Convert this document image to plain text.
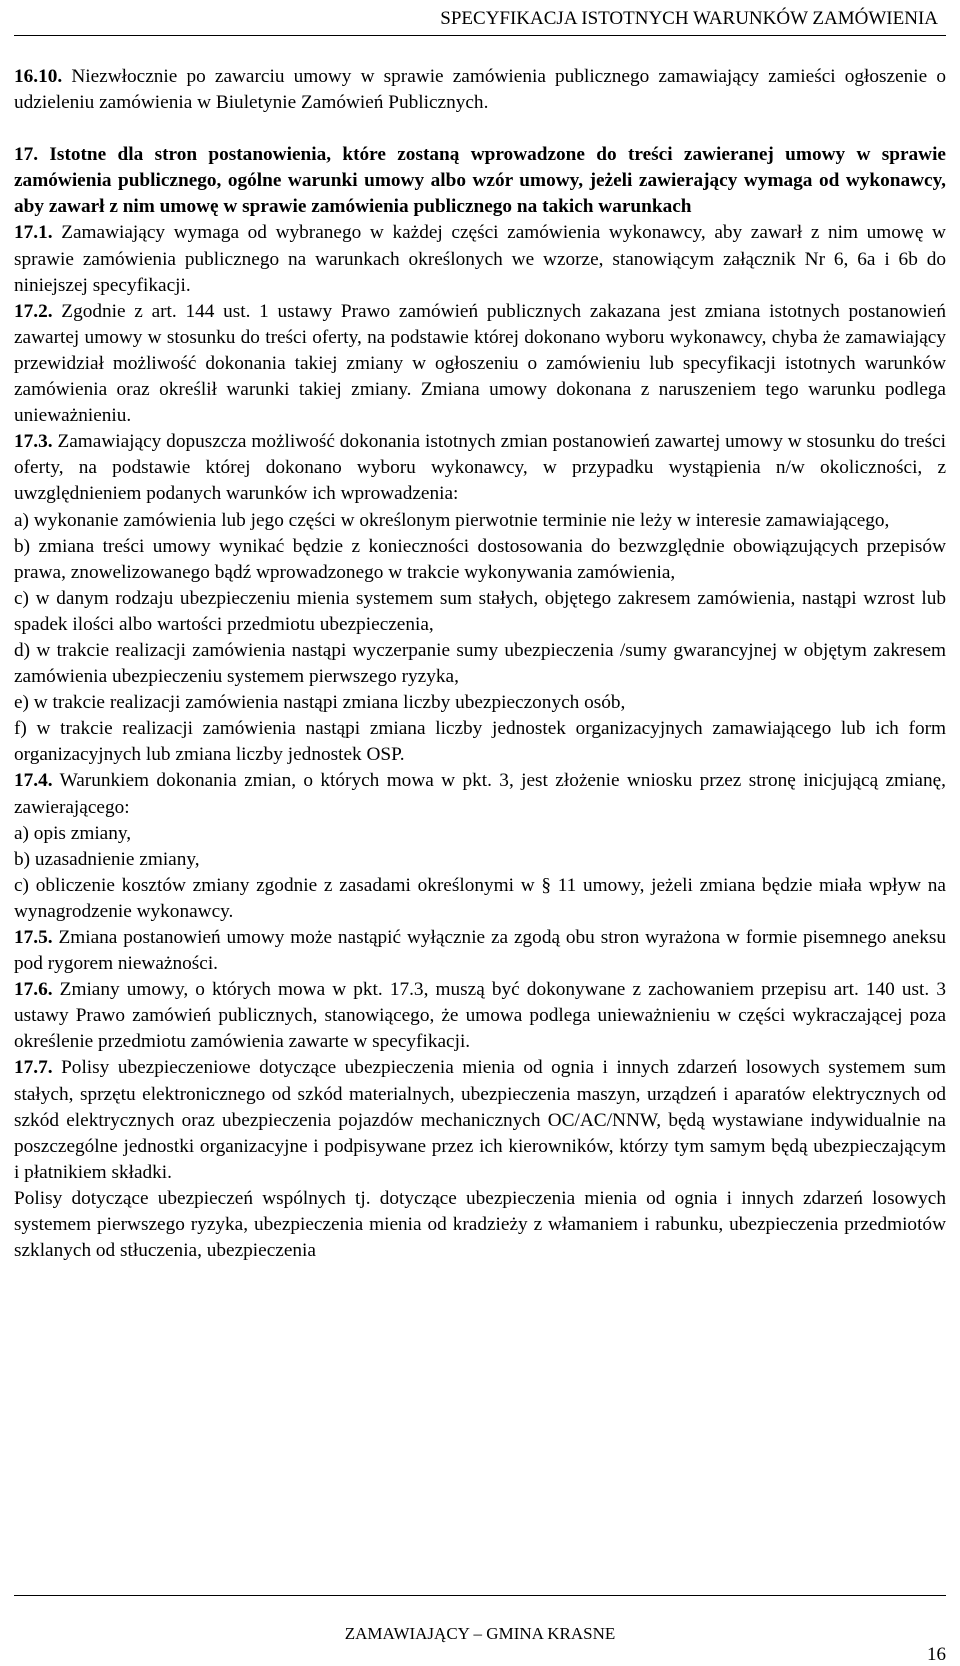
SPECYFIKACJA ISTOTNYCH WARUNKÓW ZAMÓWIENIA

16.10. Niezwłocznie po zawarciu umowy w sprawie zamówienia publicznego zamawiający zamieści ogłoszenie o udzieleniu zamówienia w Biuletynie Zamówień Publicznych.

17. Istotne dla stron postanowienia, które zostaną wprowadzone do treści zawieranej umowy w sprawie zamówienia publicznego, ogólne warunki umowy albo wzór umowy, jeżeli zawierający wymaga od wykonawcy, aby zawarł z nim umowę w sprawie zamówienia publicznego na takich warunkach

17.1. Zamawiający wymaga od wybranego w każdej części zamówienia wykonawcy, aby zawarł z nim umowę w sprawie zamówienia publicznego na warunkach określonych we wzorze, stanowiącym załącznik Nr 6, 6a i 6b do niniejszej specyfikacji.

17.2. Zgodnie z art. 144 ust. 1 ustawy Prawo zamówień publicznych zakazana jest zmiana istotnych postanowień zawartej umowy w stosunku do treści oferty, na podstawie której dokonano wyboru wykonawcy, chyba że zamawiający przewidział możliwość dokonania takiej zmiany w ogłoszeniu o zamówieniu lub specyfikacji istotnych warunków zamówienia oraz określił warunki takiej zmiany. Zmiana umowy dokonana z naruszeniem tego warunku podlega unieważnieniu.

17.3. Zamawiający dopuszcza możliwość dokonania istotnych zmian postanowień zawartej umowy w stosunku do treści oferty, na podstawie której dokonano wyboru wykonawcy, w przypadku wystąpienia n/w okoliczności, z uwzględnieniem podanych warunków ich wprowadzenia:

a) wykonanie zamówienia lub jego części w określonym pierwotnie terminie nie leży w interesie zamawiającego,

b) zmiana treści umowy wynikać będzie z konieczności dostosowania do bezwzględnie obowiązujących przepisów prawa, znowelizowanego bądź wprowadzonego w trakcie wykonywania zamówienia,

c) w danym rodzaju ubezpieczeniu mienia systemem sum stałych, objętego zakresem zamówienia, nastąpi wzrost lub spadek ilości albo wartości przedmiotu ubezpieczenia,

d) w trakcie realizacji zamówienia nastąpi wyczerpanie sumy ubezpieczenia /sumy gwarancyjnej w objętym zakresem zamówienia ubezpieczeniu systemem pierwszego ryzyka,

e) w trakcie realizacji zamówienia nastąpi zmiana liczby ubezpieczonych osób,

f) w trakcie realizacji zamówienia nastąpi zmiana liczby jednostek organizacyjnych zamawiającego lub ich form organizacyjnych lub zmiana liczby jednostek OSP.

17.4. Warunkiem dokonania zmian, o których mowa w pkt. 3, jest złożenie wniosku przez stronę inicjującą zmianę, zawierającego:

a) opis zmiany,

b) uzasadnienie zmiany,

c) obliczenie kosztów zmiany zgodnie z zasadami określonymi w § 11 umowy, jeżeli zmiana będzie miała wpływ na wynagrodzenie wykonawcy.

17.5. Zmiana postanowień umowy może nastąpić wyłącznie za zgodą obu stron wyrażona w formie pisemnego aneksu pod rygorem nieważności.

17.6. Zmiany umowy, o których mowa w pkt. 17.3, muszą być dokonywane z zachowaniem przepisu art. 140 ust. 3 ustawy Prawo zamówień publicznych, stanowiącego, że umowa podlega unieważnieniu w części wykraczającej poza określenie przedmiotu zamówienia zawarte w specyfikacji.

17.7. Polisy ubezpieczeniowe dotyczące ubezpieczenia mienia od ognia i innych zdarzeń losowych systemem sum stałych, sprzętu elektronicznego od szkód materialnych, ubezpieczenia maszyn, urządzeń i aparatów elektrycznych od szkód elektrycznych oraz ubezpieczenia pojazdów mechanicznych OC/AC/NNW, będą wystawiane indywidualnie na poszczególne jednostki organizacyjne i podpisywane przez ich kierowników, którzy tym samym będą ubezpieczającym i płatnikiem składki.

Polisy dotyczące ubezpieczeń wspólnych tj. dotyczące ubezpieczenia mienia od ognia i innych zdarzeń losowych systemem pierwszego ryzyka, ubezpieczenia mienia od kradzieży z włamaniem i rabunku, ubezpieczenia przedmiotów szklanych od stłuczenia, ubezpieczenia

ZAMAWIAJĄCY – GMINA KRASNE
16
